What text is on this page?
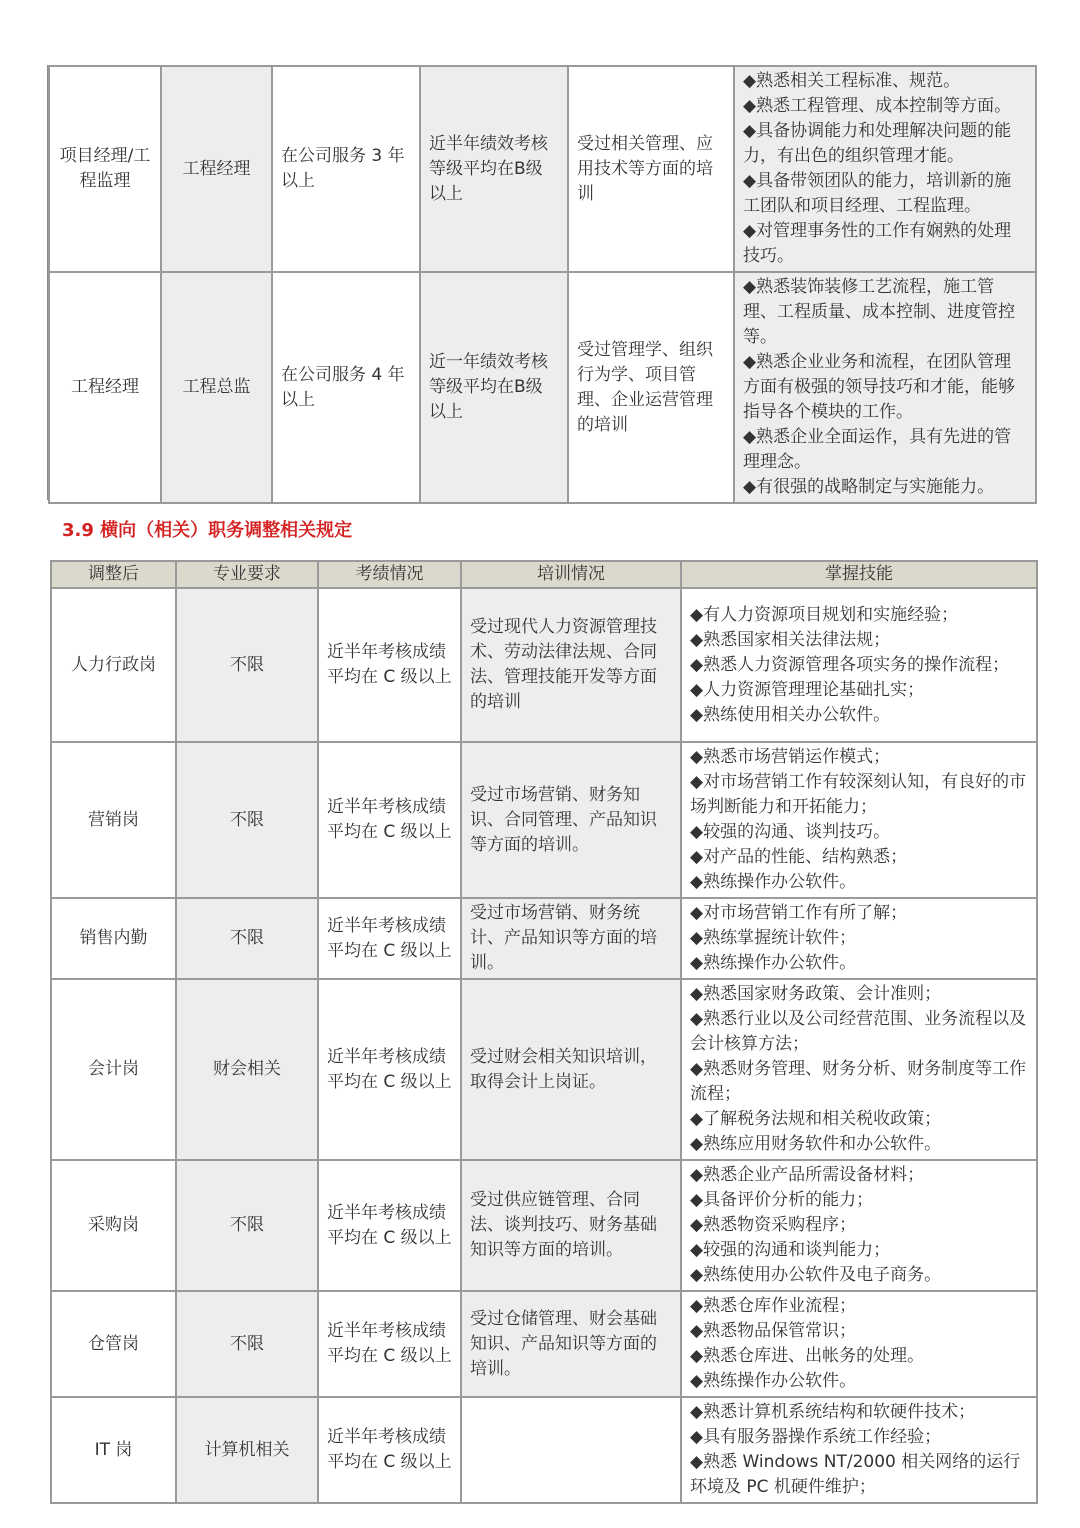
项目经理/工程监理	工程经理	在公司服务 3 年以上	近半年绩效考核等级平均在B级以上	受过相关管理、应用技术等方面的培训	◆熟悉相关工程标准、规范。
◆熟悉工程管理、成本控制等方面。
◆具备协调能力和处理解决问题的能力，有出色的组织管理才能。
◆具备带领团队的能力，培训新的施工团队和项目经理、工程监理。
◆对管理事务性的工作有娴熟的处理技巧。

工程经理	工程总监	在公司服务 4 年以上	近一年绩效考核等级平均在B级以上	受过管理学、组织行为学、项目管理、企业运营管理的培训	◆熟悉装饰装修工艺流程，施工管理、工程质量、成本控制、进度管控等。
◆熟悉企业业务和流程，在团队管理方面有极强的领导技巧和才能，能够指导各个模块的工作。
◆熟悉企业全面运作，具有先进的管理理念。
◆有很强的战略制定与实施能力。
3.9 横向（相关）职务调整相关规定
调整后	专业要求	考绩情况	培训情况	掌握技能
人力行政岗	不限	近半年考核成绩平均在 C 级以上	受过现代人力资源管理技术、劳动法律法规、合同法、管理技能开发等方面的培训	◆有人力资源项目规划和实施经验；
◆熟悉国家相关法律法规；
◆熟悉人力资源管理各项实务的操作流程；
◆人力资源管理理论基础扎实；
◆熟练使用相关办公软件。

营销岗	不限	近半年考核成绩平均在 C 级以上	受过市场营销、财务知识、合同管理、产品知识等方面的培训。	◆熟悉市场营销运作模式；
◆对市场营销工作有较深刻认知，有良好的市场判断能力和开拓能力；
◆较强的沟通、谈判技巧。
◆对产品的性能、结构熟悉；
◆熟练操作办公软件。

销售内勤	不限	近半年考核成绩平均在 C 级以上	受过市场营销、财务统计、产品知识等方面的培训。	◆对市场营销工作有所了解；
◆熟练掌握统计软件；
◆熟练操作办公软件。

会计岗	财会相关	近半年考核成绩平均在 C 级以上	受过财会相关知识培训，取得会计上岗证。	◆熟悉国家财务政策、会计准则；
◆熟悉行业以及公司经营范围、业务流程以及会计核算方法；
◆熟悉财务管理、财务分析、财务制度等工作流程；
◆了解税务法规和相关税收政策；
◆熟练应用财务软件和办公软件。

采购岗	不限	近半年考核成绩平均在 C 级以上	受过供应链管理、合同法、谈判技巧、财务基础知识等方面的培训。	◆熟悉企业产品所需设备材料；
◆具备评价分析的能力；
◆熟悉物资采购程序；
◆较强的沟通和谈判能力；
◆熟练使用办公软件及电子商务。

仓管岗	不限	近半年考核成绩平均在 C 级以上	受过仓储管理、财会基础知识、产品知识等方面的培训。	◆熟悉仓库作业流程；
◆熟悉物品保管常识；
◆熟悉仓库进、出帐务的处理。
◆熟练操作办公软件。

IT 岗	计算机相关	近半年考核成绩平均在 C 级以上		◆熟悉计算机系统结构和软硬件技术；
◆具有服务器操作系统工作经验；
◆熟悉 Windows NT/2000 相关网络的运行环境及 PC 机硬件维护；
